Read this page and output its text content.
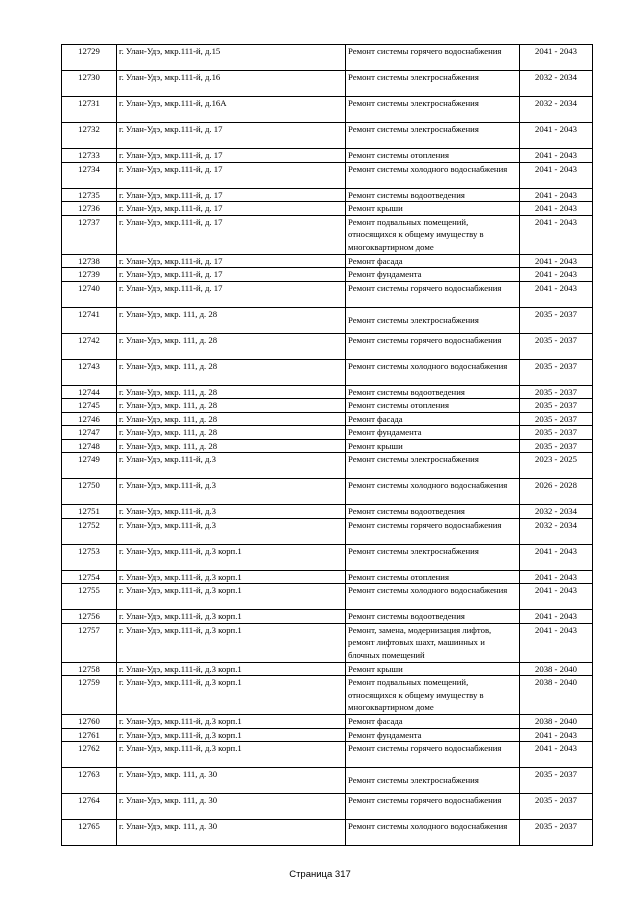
12729	г. Улан-Удэ, мкр.111-й, д.15	Ремонт системы горячего водоснабжения	2041 - 2043
12730	г. Улан-Удэ, мкр.111-й, д.16	Ремонт системы электроснабжения	2032 - 2034
12731	г. Улан-Удэ, мкр.111-й, д.16А	Ремонт системы электроснабжения	2032 - 2034
12732	г. Улан-Удэ, мкр.111-й, д. 17	Ремонт системы электроснабжения	2041 - 2043
12733	г. Улан-Удэ, мкр.111-й, д. 17	Ремонт системы отопления	2041 - 2043
12734	г. Улан-Удэ, мкр.111-й, д. 17	Ремонт системы холодного водоснабжения	2041 - 2043
12735	г. Улан-Удэ, мкр.111-й, д. 17	Ремонт системы водоотведения	2041 - 2043
12736	г. Улан-Удэ, мкр.111-й, д. 17	Ремонт крыши	2041 - 2043
12737	г. Улан-Удэ, мкр.111-й, д. 17	Ремонт подвальных помещений, относящихся к общему имуществу в многоквартирном доме	2041 - 2043
12738	г. Улан-Удэ, мкр.111-й, д. 17	Ремонт фасада	2041 - 2043
12739	г. Улан-Удэ, мкр.111-й, д. 17	Ремонт фундамента	2041 - 2043
12740	г. Улан-Удэ, мкр.111-й, д. 17	Ремонт системы горячего водоснабжения	2041 - 2043
12741	г. Улан-Удэ, мкр. 111, д. 28	Ремонт системы электроснабжения	2035 - 2037
12742	г. Улан-Удэ, мкр. 111, д. 28	Ремонт системы горячего водоснабжения	2035 - 2037
12743	г. Улан-Удэ, мкр. 111, д. 28	Ремонт системы холодного водоснабжения	2035 - 2037
12744	г. Улан-Удэ, мкр. 111, д. 28	Ремонт системы водоотведения	2035 - 2037
12745	г. Улан-Удэ, мкр. 111, д. 28	Ремонт системы отопления	2035 - 2037
12746	г. Улан-Удэ, мкр. 111, д. 28	Ремонт фасада	2035 - 2037
12747	г. Улан-Удэ, мкр. 111, д. 28	Ремонт фундамента	2035 - 2037
12748	г. Улан-Удэ, мкр. 111, д. 28	Ремонт крыши	2035 - 2037
12749	г. Улан-Удэ, мкр.111-й, д.3	Ремонт системы электроснабжения	2023 - 2025
12750	г. Улан-Удэ, мкр.111-й, д.3	Ремонт системы холодного водоснабжения	2026 - 2028
12751	г. Улан-Удэ, мкр.111-й, д.3	Ремонт системы водоотведения	2032 - 2034
12752	г. Улан-Удэ, мкр.111-й, д.3	Ремонт системы горячего водоснабжения	2032 - 2034
12753	г. Улан-Удэ, мкр.111-й, д.3 корп.1	Ремонт системы электроснабжения	2041 - 2043
12754	г. Улан-Удэ, мкр.111-й, д.3 корп.1	Ремонт системы отопления	2041 - 2043
12755	г. Улан-Удэ, мкр.111-й, д.3 корп.1	Ремонт системы холодного водоснабжения	2041 - 2043
12756	г. Улан-Удэ, мкр.111-й, д.3 корп.1	Ремонт системы водоотведения	2041 - 2043
12757	г. Улан-Удэ, мкр.111-й, д.3 корп.1	Ремонт, замена, модернизация лифтов, ремонт лифтовых шахт, машинных и блочных помещений	2041 - 2043
12758	г. Улан-Удэ, мкр.111-й, д.3 корп.1	Ремонт крыши	2038 - 2040
12759	г. Улан-Удэ, мкр.111-й, д.3 корп.1	Ремонт подвальных помещений, относящихся к общему имуществу в многоквартирном доме	2038 - 2040
12760	г. Улан-Удэ, мкр.111-й, д.3 корп.1	Ремонт фасада	2038 - 2040
12761	г. Улан-Удэ, мкр.111-й, д.3 корп.1	Ремонт фундамента	2041 - 2043
12762	г. Улан-Удэ, мкр.111-й, д.3 корп.1	Ремонт системы горячего водоснабжения	2041 - 2043
12763	г. Улан-Удэ, мкр. 111, д. 30	Ремонт системы электроснабжения	2035 - 2037
12764	г. Улан-Удэ, мкр. 111, д. 30	Ремонт системы горячего водоснабжения	2035 - 2037
12765	г. Улан-Удэ, мкр. 111, д. 30	Ремонт системы холодного водоснабжения	2035 - 2037
Страница 317
